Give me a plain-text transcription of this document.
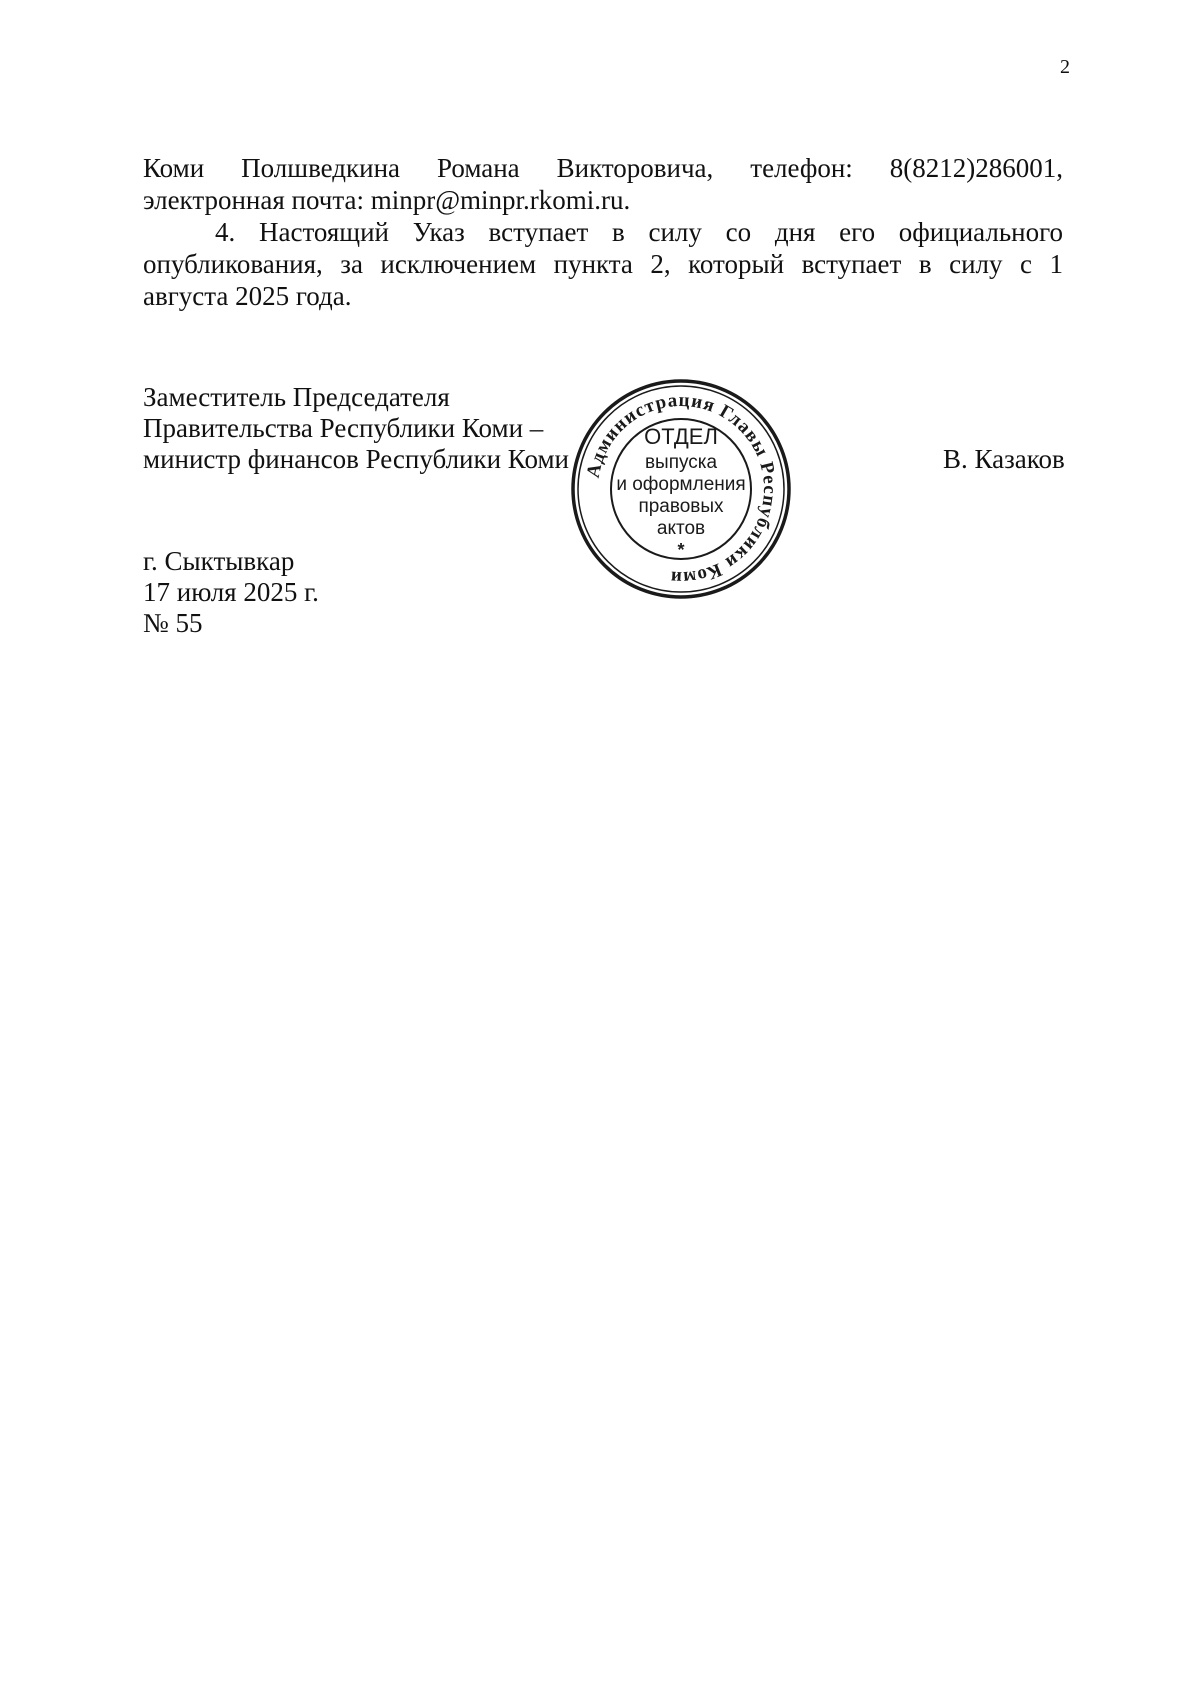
2

Коми Полшведкина Романа Викторовича, телефон: 8(8212)286001,

электронная почта: minpr@minpr.rkomi.ru.

4. Настоящий Указ вступает в силу со дня его официального

опубликования, за исключением пункта 2, который вступает в силу с 1

августа 2025 года.

Заместитель Председателя
Правительства Республики Коми –
министр финансов Республики Коми	В. Казаков
г. Сыктывкар
17 июля 2025 г.
№ 55
Администрация Главы Республики Коми
ОТДЕЛ
выпуска
и оформления
правовых
актов
*
